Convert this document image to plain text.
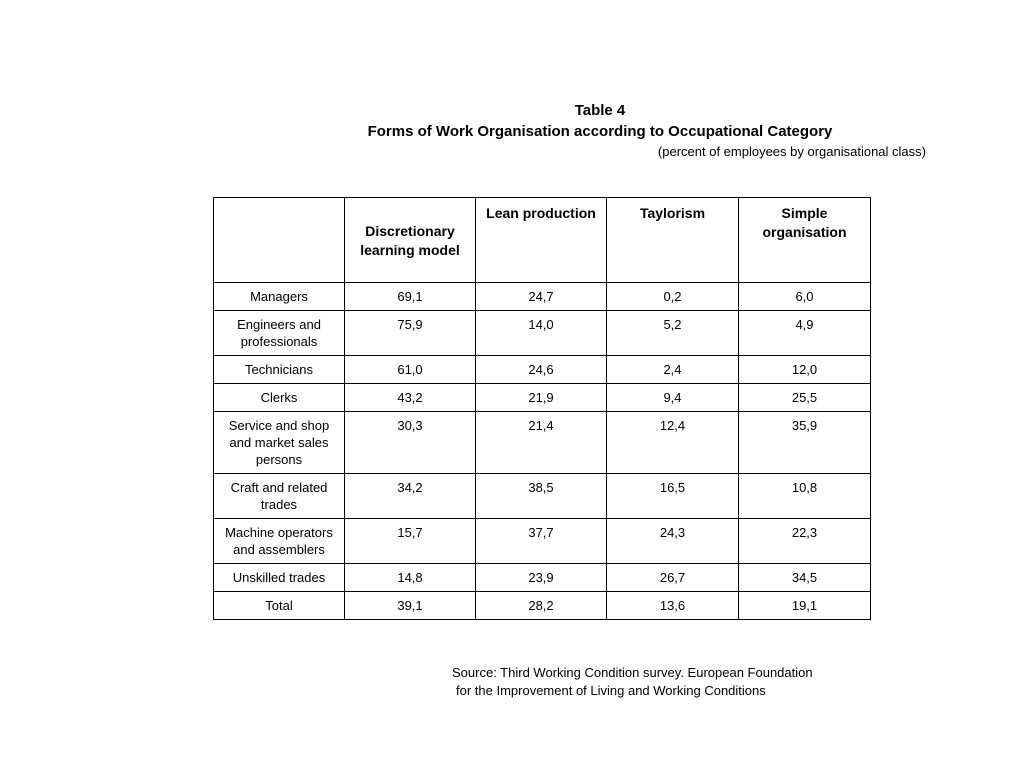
Table 4
Forms of Work Organisation according to Occupational Category
(percent of employees by organisational class)
	Discretionary learning model	Lean production	Taylorism	Simple organisation
Managers	69,1	24,7	0,2	6,0
Engineers and professionals	75,9	14,0	5,2	4,9
Technicians	61,0	24,6	2,4	12,0
Clerks	43,2	21,9	9,4	25,5
Service and shop and market sales persons	30,3	21,4	12,4	35,9
Craft and related trades	34,2	38,5	16,5	10,8
Machine operators and assemblers	15,7	37,7	24,3	22,3
Unskilled trades	14,8	23,9	26,7	34,5
Total	39,1	28,2	13,6	19,1
Source: Third Working Condition survey. European Foundation
for the Improvement of Living and Working Conditions
